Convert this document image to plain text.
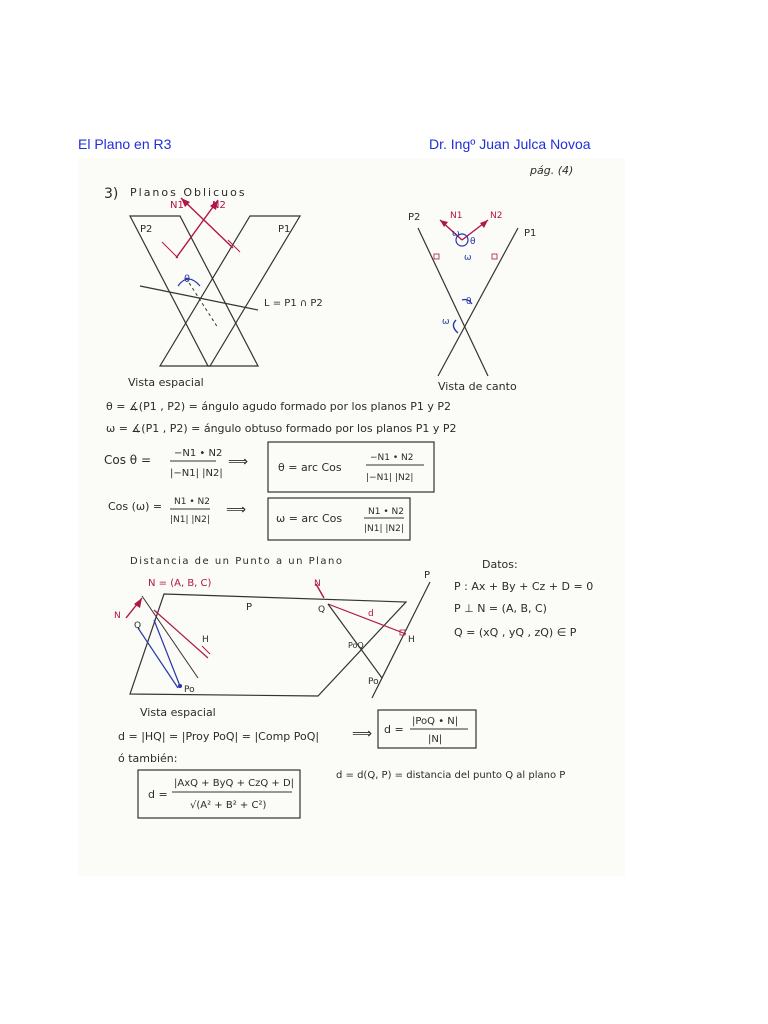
El Plano en R3	Dr. Ingº Juan Julca Novoa
pág. (4)
3) Planos Oblicuos
θ
N1	N2
P2	P1
L = P1 ∩ P2
Vista espacial
P2
P1
N1	N2
ω
θ
ω
θ
ω
Vista de canto
θ = ∡(P1 , P2) = ángulo agudo formado por los planos P1 y P2
ω = ∡(P1 , P2) = ángulo obtuso formado por los planos P1 y P2
Cos θ = −N1 • N2
|−N1| |N2|
⟹	θ = arc Cos
−N1 • N2
|−N1| |N2|
Cos (ω) = N1 • N2
|N1| |N2|
⟹
ω = arc Cos	N1 • N2
|N1| |N2|
Distancia de un Punto a un Plano	Datos:
P : Ax + By + Cz + D = 0
P ⊥ N = (A, B, C)
Q = (xQ , yQ , zQ) ∈ P
N = (A, B, C)
N
Q
H
P
Po
Vista espacial
P
N
Q	d
H
PoQ
Po
d = |HQ| = |Proy PoQ| = |Comp PoQ| ⟹ d =
|PoQ • N|
|N|
ó también:
d =
|AxQ + ByQ + CzQ + D|
√(A² + B² + C²)
d = d(Q, P) = distancia del punto Q al plano P
